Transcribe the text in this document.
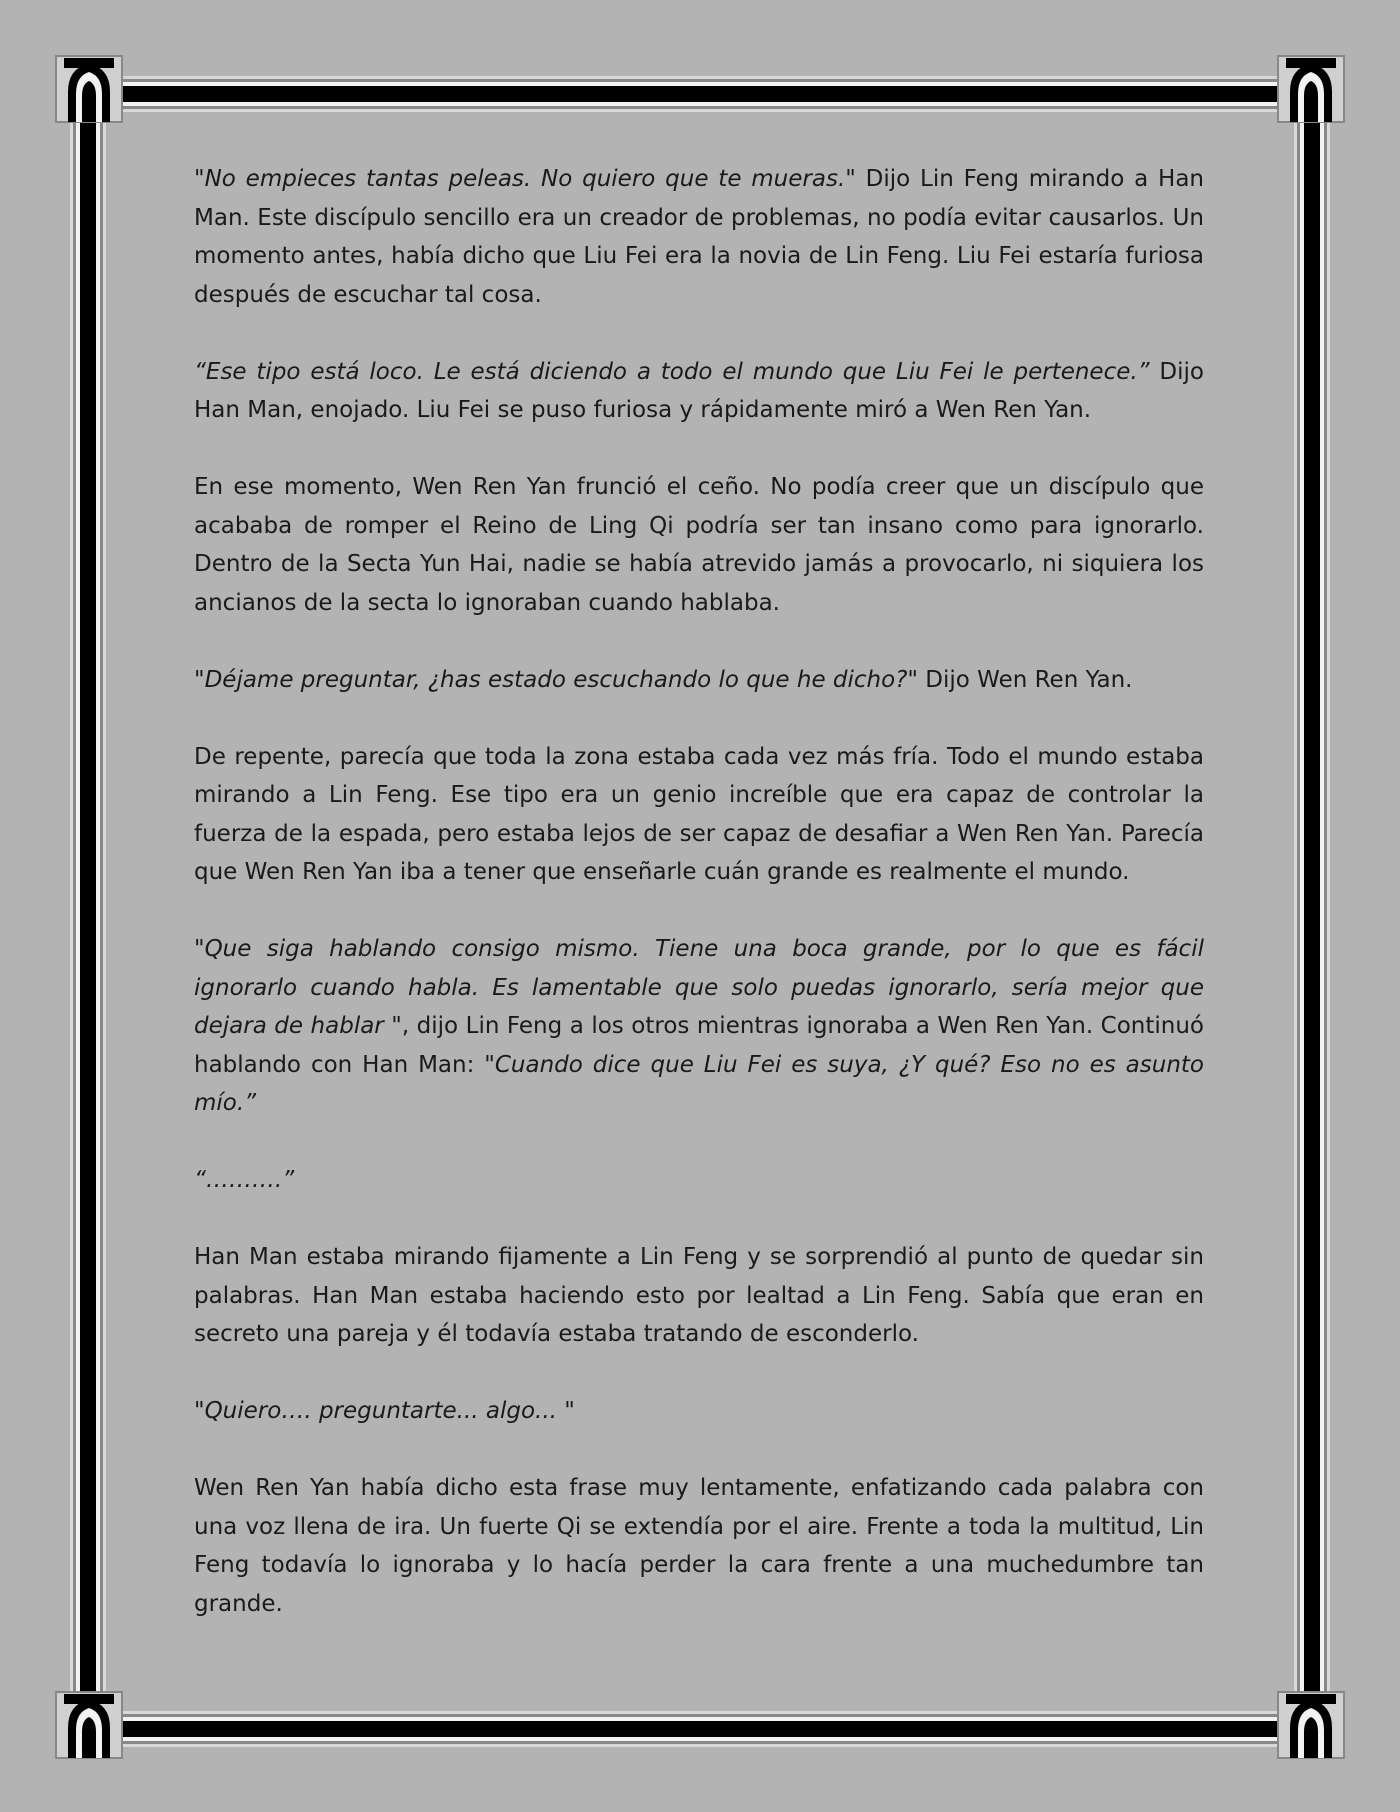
"No empieces tantas peleas. No quiero que te mueras." Dijo Lin Feng mirando a Han Man. Este discípulo sencillo era un creador de problemas, no podía evitar causarlos. Un momento antes, había dicho que Liu Fei era la novia de Lin Feng. Liu Fei estaría furiosa después de escuchar tal cosa.

“Ese tipo está loco. Le está diciendo a todo el mundo que Liu Fei le pertenece.” Dijo Han Man, enojado. Liu Fei se puso furiosa y rápidamente miró a Wen Ren Yan.

En ese momento, Wen Ren Yan frunció el ceño. No podía creer que un discípulo que acababa de romper el Reino de Ling Qi podría ser tan insano como para ignorarlo. Dentro de la Secta Yun Hai, nadie se había atrevido jamás a provocarlo, ni siquiera los ancianos de la secta lo ignoraban cuando hablaba.

"Déjame preguntar, ¿has estado escuchando lo que he dicho?" Dijo Wen Ren Yan.

De repente, parecía que toda la zona estaba cada vez más fría. Todo el mundo estaba mirando a Lin Feng. Ese tipo era un genio increíble que era capaz de controlar la fuerza de la espada, pero estaba lejos de ser capaz de desafiar a Wen Ren Yan. Parecía que Wen Ren Yan iba a tener que enseñarle cuán grande es realmente el mundo.

"Que siga hablando consigo mismo. Tiene una boca grande, por lo que es fácil ignorarlo cuando habla. Es lamentable que solo puedas ignorarlo, sería mejor que dejara de hablar ", dijo Lin Feng a los otros mientras ignoraba a Wen Ren Yan. Continuó hablando con Han Man: "Cuando dice que Liu Fei es suya, ¿Y qué? Eso no es asunto mío.”

“……….”

Han Man estaba mirando fijamente a Lin Feng y se sorprendió al punto de quedar sin palabras. Han Man estaba haciendo esto por lealtad a Lin Feng. Sabía que eran en secreto una pareja y él todavía estaba tratando de esconderlo.

"Quiero…. preguntarte... algo... "

Wen Ren Yan había dicho esta frase muy lentamente, enfatizando cada palabra con una voz llena de ira. Un fuerte Qi se extendía por el aire. Frente a toda la multitud, Lin Feng todavía lo ignoraba y lo hacía perder la cara frente a una muchedumbre tan grande.
